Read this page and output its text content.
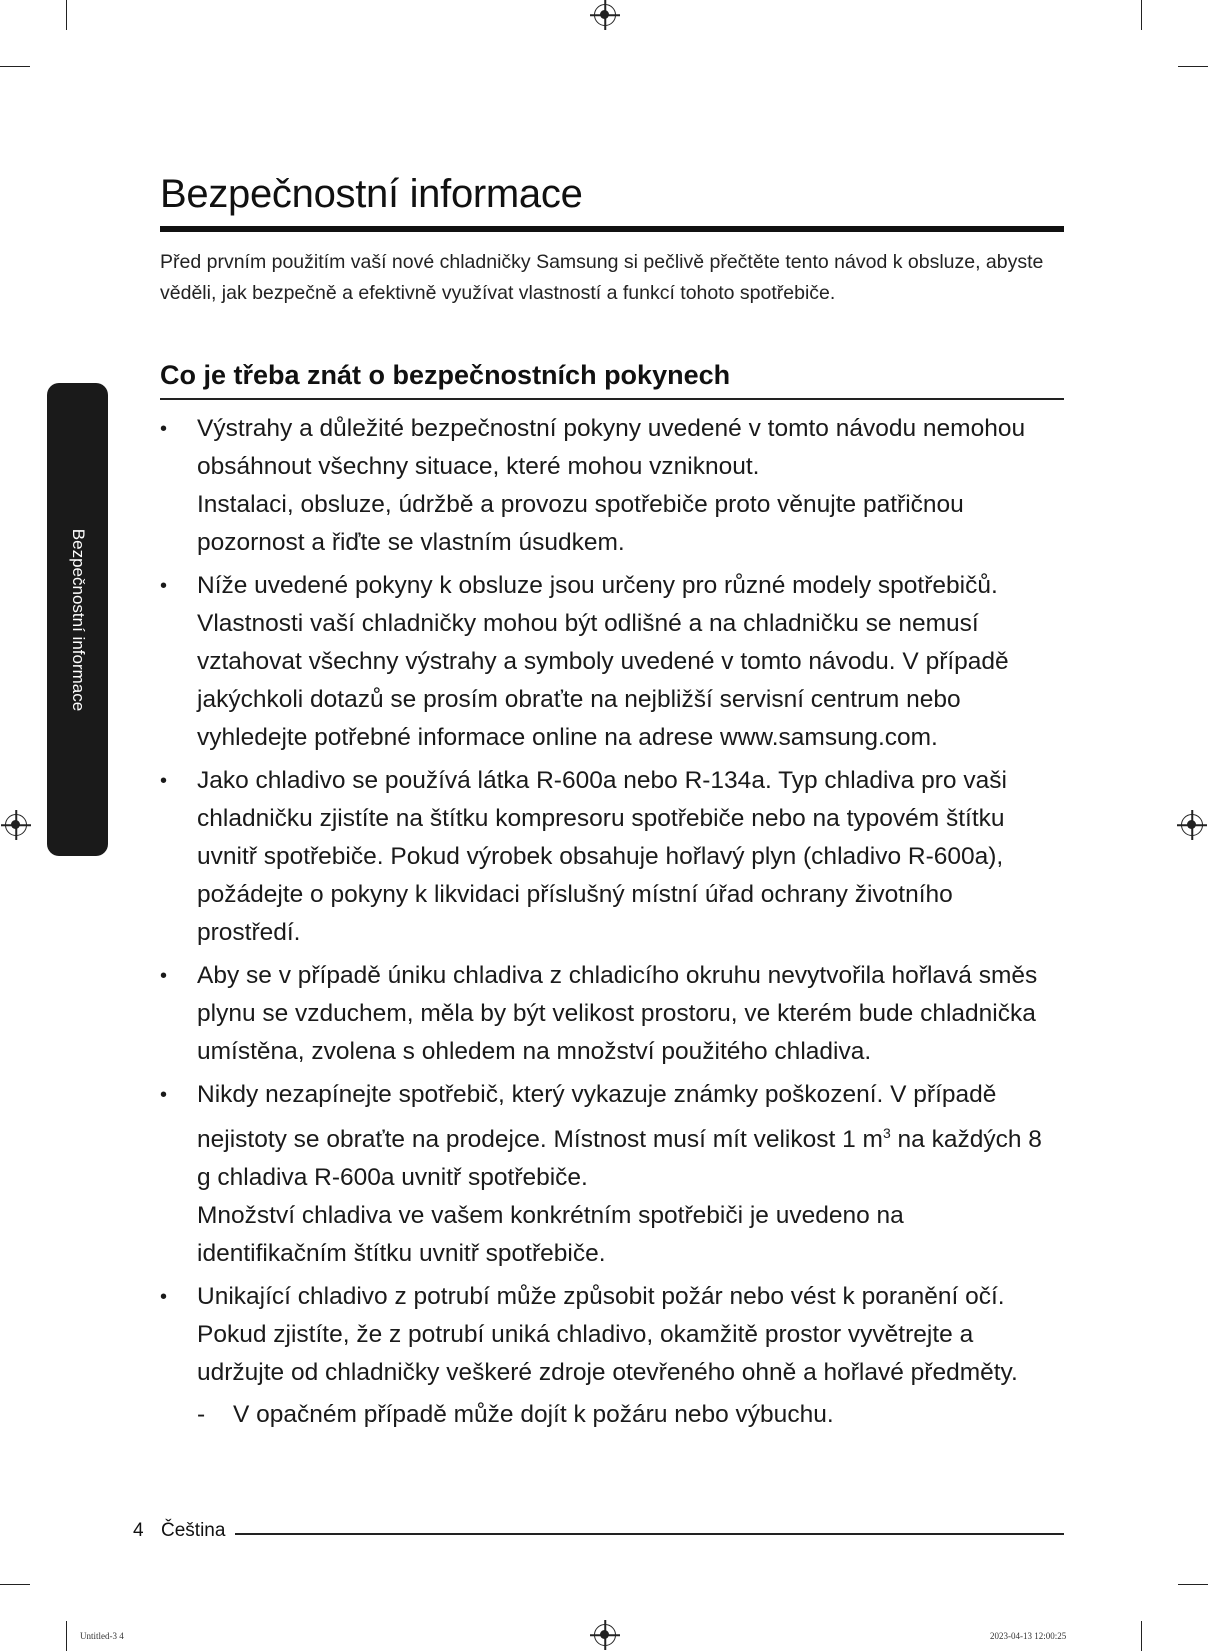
Bezpečnostní informace

Před prvním použitím vaší nové chladničky Samsung si pečlivě přečtěte tento návod k obsluze, abyste věděli, jak bezpečně a efektivně využívat vlastností a funkcí tohoto spotřebiče.

Bezpečnostní informace
Co je třeba znát o bezpečnostních pokynech

• Výstrahy a důležité bezpečnostní pokyny uvedené v tomto návodu nemohou obsáhnout všechny situace, které mohou vzniknout.

Instalaci, obsluze, údržbě a provozu spotřebiče proto věnujte patřičnou pozornost a řiďte se vlastním úsudkem.

• Níže uvedené pokyny k obsluze jsou určeny pro různé modely spotřebičů. Vlastnosti vaší chladničky mohou být odlišné a na chladničku se nemusí vztahovat všechny výstrahy a symboly uvedené v tomto návodu. V případě jakýchkoli dotazů se prosím obraťte na nejbližší servisní centrum nebo vyhledejte potřebné informace online na adrese www.samsung.com.

• Jako chladivo se používá látka R-600a nebo R-134a. Typ chladiva pro vaši chladničku zjistíte na štítku kompresoru spotřebiče nebo na typovém štítku uvnitř spotřebiče. Pokud výrobek obsahuje hořlavý plyn (chladivo R-600a), požádejte o pokyny k likvidaci příslušný místní úřad ochrany životního prostředí.

• Aby se v případě úniku chladiva z chladicího okruhu nevytvořila hořlavá směs plynu se vzduchem, měla by být velikost prostoru, ve kterém bude chladnička umístěna, zvolena s ohledem na množství použitého chladiva.

• Nikdy nezapínejte spotřebič, který vykazuje známky poškození. V případě nejistoty se obraťte na prodejce. Místnost musí mít velikost 1 $m^3$ na každých 8 g chladiva R-600a uvnitř spotřebiče.

Množství chladiva ve vašem konkrétním spotřebiči je uvedeno na identifikačním štítku uvnitř spotřebiče.

• Unikající chladivo z potrubí může způsobit požár nebo vést k poranění očí. Pokud zjistíte, že z potrubí uniká chladivo, okamžitě prostor vyvětrejte a udržujte od chladničky veškeré zdroje otevřeného ohně a hořlavé předměty.

- V opačném případě může dojít k požáru nebo výbuchu.
4 Čeština
Untitled-3 4	2023-04-13 12:00:25
